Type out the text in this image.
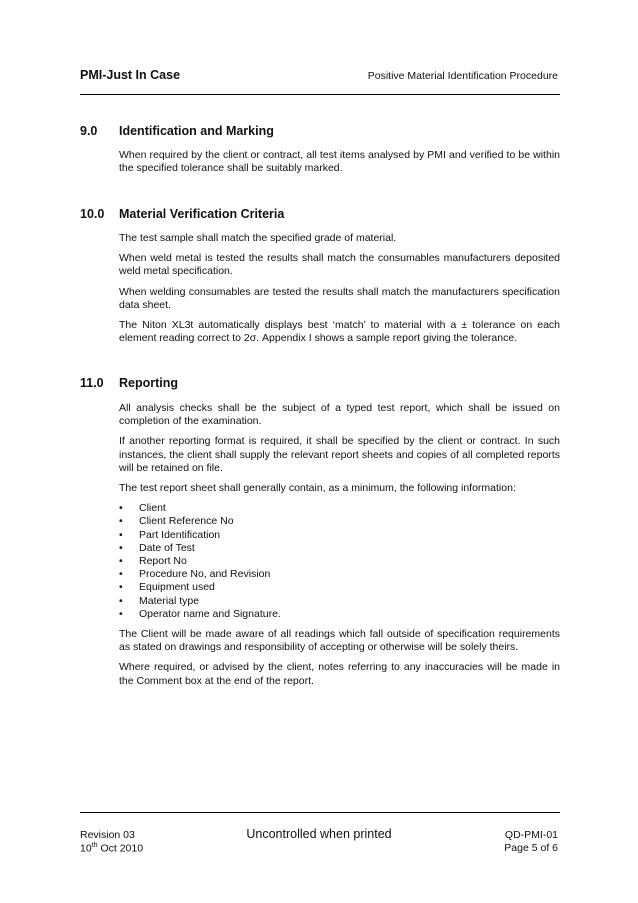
PMI-Just In Case	Positive Material Identification Procedure
9.0 Identification and Marking

When required by the client or contract, all test items analysed by PMI and verified to be within the specified tolerance shall be suitably marked.

10.0 Material Verification Criteria

The test sample shall match the specified grade of material.

When weld metal is tested the results shall match the consumables manufacturers deposited weld metal specification.

When welding consumables are tested the results shall match the manufacturers specification data sheet.

The Niton XL3t automatically displays best ‘match’ to material with a ± tolerance on each element reading correct to 2σ. Appendix I shows a sample report giving the tolerance.

11.0 Reporting

All analysis checks shall be the subject of a typed test report, which shall be issued on completion of the examination.

If another reporting format is required, it shall be specified by the client or contract. In such instances, the client shall supply the relevant report sheets and copies of all completed reports will be retained on file.

The test report sheet shall generally contain, as a minimum, the following information:

• Client
• Client Reference No
• Part Identification
• Date of Test
• Report No
• Procedure No, and Revision
• Equipment used
• Material type
• Operator name and Signature.

The Client will be made aware of all readings which fall outside of specification requirements as stated on drawings and responsibility of accepting or otherwise will be solely theirs.

Where required, or advised by the client, notes referring to any inaccuracies will be made in the Comment box at the end of the report.

Revision 03
10th Oct 2010
Uncontrolled when printed	QD-PMI-01
Page 5 of 6
